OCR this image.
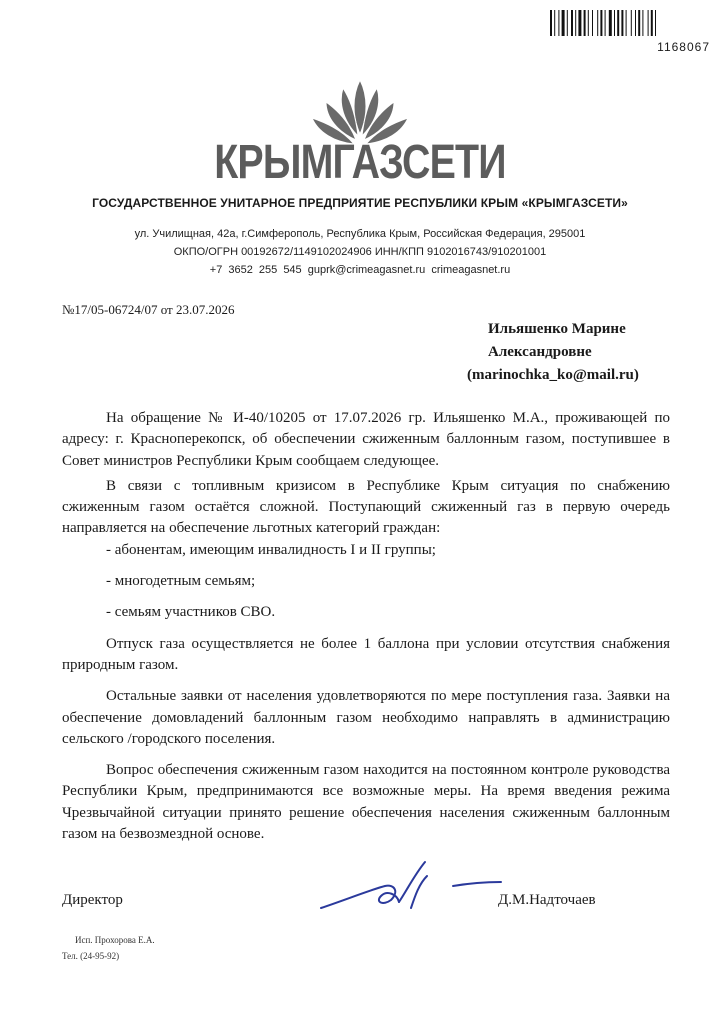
1168067
КРЫМГАЗСЕТИ
ГОСУДАРСТВЕННОЕ УНИТАРНОЕ ПРЕДПРИЯТИЕ РЕСПУБЛИКИ КРЫМ «КРЫМГАЗСЕТИ»
ул. Училищная, 42а, г.Симферополь, Республика Крым, Российская Федерация, 295001
ОКПО/ОГРН 00192672/1149102024906 ИНН/КПП 9102016743/910201001
+7 3652 255 545 guprk@crimeagasnet.ru crimeagasnet.ru
№17/05-06724/07 от 23.07.2026
Ильяшенко Марине
Александровне
(marinochka_ko@mail.ru)

На обращение № И-40/10205 от 17.07.2026 гр. Ильяшенко М.А., проживающей по адресу: г. Красноперекопск, об обеспечении сжиженным баллонным газом, поступившее в Совет министров Республики Крым сообщаем следующее.

В связи с топливным кризисом в Республике Крым ситуация по снабжению сжиженным газом остаётся сложной. Поступающий сжиженный газ в первую очередь направляется на обеспечение льготных категорий граждан:

- абонентам, имеющим инвалидность I и II группы;

- многодетным семьям;

- семьям участников СВО.

Отпуск газа осуществляется не более 1 баллона при условии отсутствия снабжения природным газом.

Остальные заявки от населения удовлетворяются по мере поступления газа. Заявки на обеспечение домовладений баллонным газом необходимо направлять в администрацию сельского /городского поселения.

Вопрос обеспечения сжиженным газом находится на постоянном контроле руководства Республики Крым, предпринимаются все возможные меры. На время введения режима Чрезвычайной ситуации принято решение обеспечения населения сжиженным баллонным газом на безвозмездной основе.

Директор	Д.М.Надточаев
Исп. Прохорова Е.А.
Тел. (24-95-92)
